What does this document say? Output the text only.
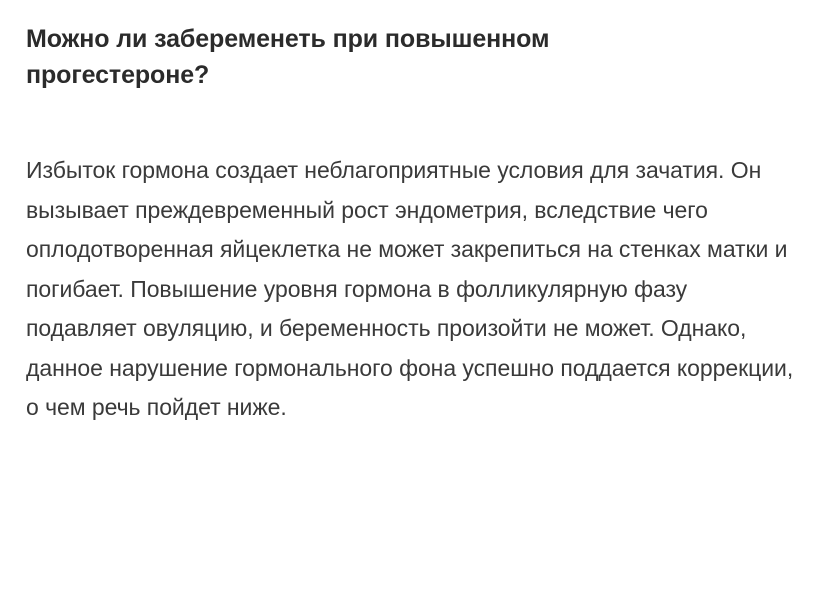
Можно ли забеременеть при повышенном прогестероне?

Избыток гормона создает неблагоприятные условия для зачатия. Он вызывает преждевременный рост эндометрия, вследствие чего оплодотворенная яйцеклетка не может закрепиться на стенках матки и погибает. Повышение уровня гормона в фолликулярную фазу подавляет овуляцию, и беременность произойти не может. Однако, данное нарушение гормонального фона успешно поддается коррекции, о чем речь пойдет ниже.
